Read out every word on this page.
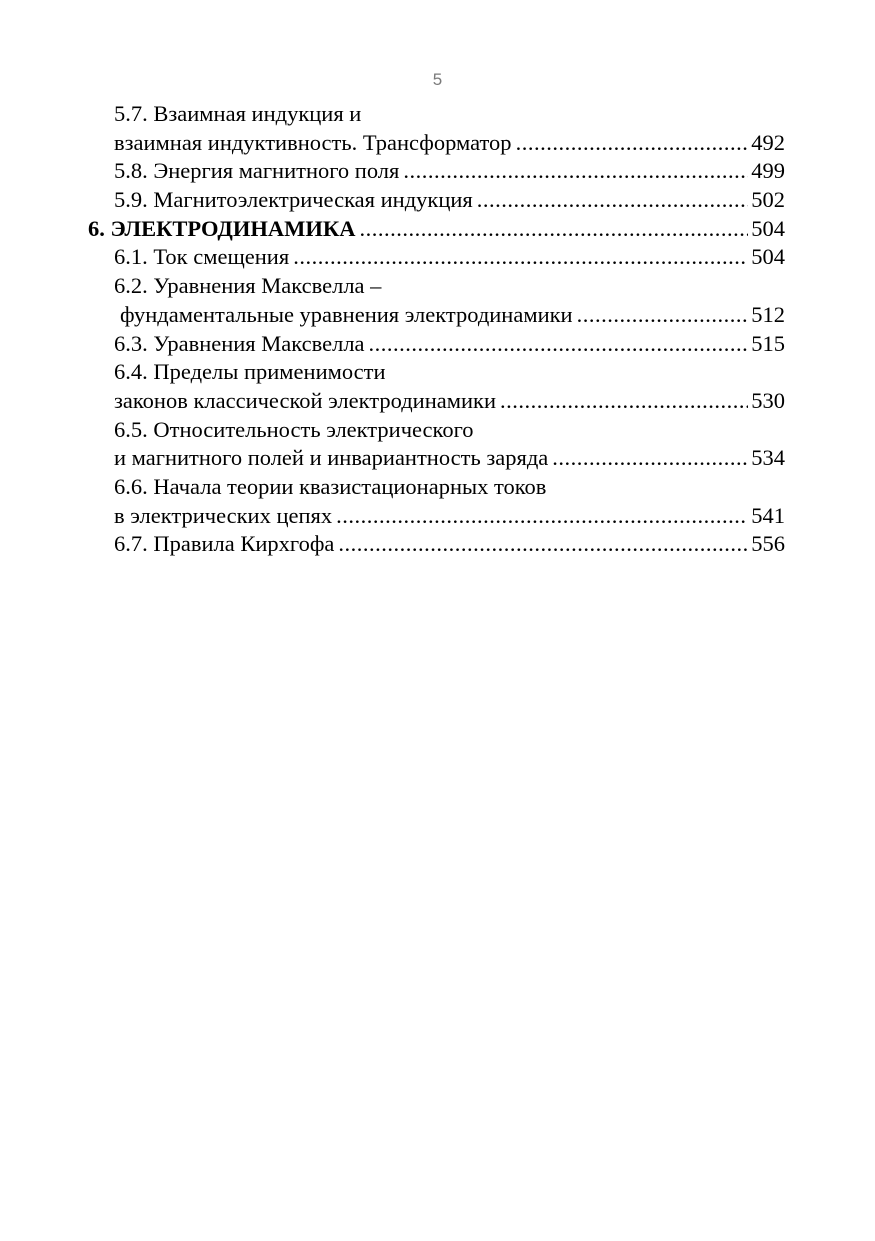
5
5.7. Взаимная индукция и
взаимная индуктивность. Трансформатор .....	492
5.8. Энергия магнитного поля .....	499
5.9. Магнитоэлектрическая индукция .....	502
6. ЭЛЕКТРОДИНАМИКА .....	504
6.1. Ток смещения .....	504
6.2. Уравнения Максвелла –
фундаментальные уравнения электродинамики .....	512
6.3. Уравнения Максвелла .....	515
6.4. Пределы применимости
законов классической электродинамики .....	530
6.5. Относительность электрического
и магнитного полей и инвариантность заряда .....	534
6.6. Начала теории квазистационарных токов
в электрических цепях .....	541
6.7. Правила Кирхгофа .....	556
